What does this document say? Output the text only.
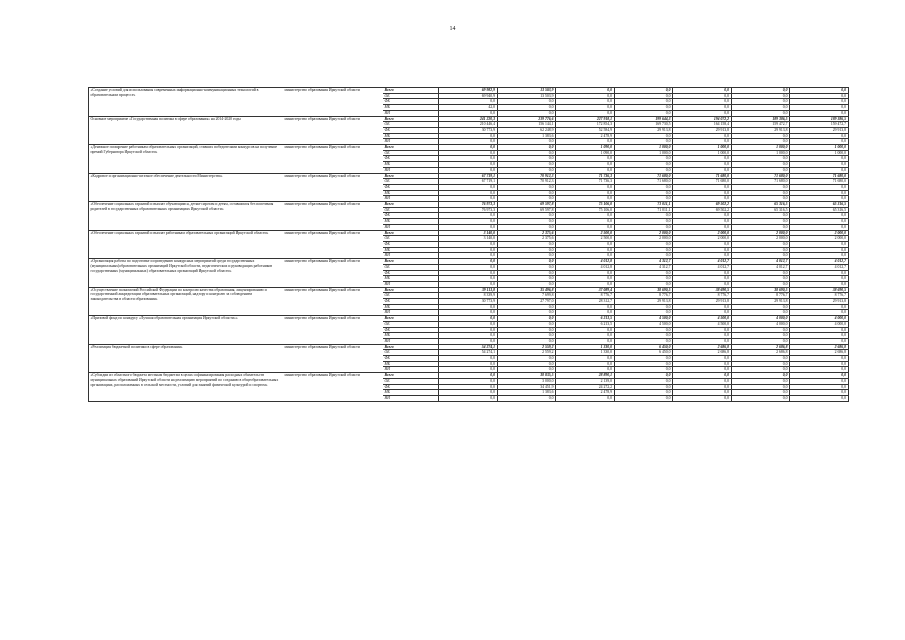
14
«Создание условий для использования современных информационно-коммуникационных технологий в образовательном процессе»	министерство образования Иркутской области	Всего	69 982,9	13 503,9	0,0	0,0	0,0	0,0	0,0
		ОБ	69 940,9	13 503,9	0,0	0,0	0,0	0,0	0,0
		ФБ	0,0	0,0	0,0	0,0	0,0	0,0	0,0
		МБ	42,0	0,0	0,0	0,0	0,0	0,0	0,0
		ИИ	0,0	0,0	0,0	0,0	0,0	0,0	0,0
Основное мероприятие «Государственная политика в сфере образования» на 2014-2020 годы	министерство образования Иркутской области	Всего	241 220,3	219 776,6	227 918,1	199 644,3	194 072,2	189 386,5	189 386,5
		ОБ	210 446,4	156 144,1	172 854,3	169 730,5	164 158,4	159 472,7	159 472,7
		ФБ	30 773,9	62 248,9	52 584,9	29 913,8	29 913,8	29 913,8	29 913,8
		МБ	0,0	1 383,6	2 478,9	0,0	0,0	0,0	0,0
		ИИ	0,0	0,0	0,0	0,0	0,0	0,0	0,0
«Денежное поощрение работникам образовательных организаций, ставших победителями конкурсов на получение премий Губернатора Иркутской области»	министерство образования Иркутской области	Всего	0,0	0,0	1 090,0	1 000,0	1 000,0	1 000,0	1 000,0
		ОБ	0,0	0,0	1 090,0	1 000,0	1 000,0	1 000,0	1 000,0
		ФБ	0,0	0,0	0,0	0,0	0,0	0,0	0,0
		МБ	0,0	0,0	0,0	0,0	0,0	0,0	0,0
		ИИ	0,0	0,0	0,0	0,0	0,0	0,0	0,0
«Кадровое и организационно-штатное обеспечение деятельности Министерства»	министерство образования Иркутской области	Всего	67 719,1	70 912,3	71 736,3	71 680,0	71 680,0	71 680,0	71 680,0
		ОБ	67 719,1	70 912,3	71 736,3	71 680,0	71 680,0	71 680,0	71 680,0
		ФБ	0,0	0,0	0,0	0,0	0,0	0,0	0,0
		МБ	0,0	0,0	0,0	0,0	0,0	0,0	0,0
		ИИ	0,0	0,0	0,0	0,0	0,0	0,0	0,0
«Обеспечение социальных гарантий и выплат обучающимся, детям-сиротам и детям, оставшимся без попечения родителей в государственных образовательных организациях Иркутской области»	министерство образования Иркутской области	Всего	76 973,3	69 597,8	75 106,0	71 011,1	69 502,2	65 316,5	65 316,5
		ОБ	76 973,3	69 597,8	75 106,0	71 011,1	69 502,2	65 316,5	65 316,5
		ФБ	0,0	0,0	0,0	0,0	0,0	0,0	0,0
		МБ	0,0	0,0	0,0	0,0	0,0	0,0	0,0
		ИИ	0,0	0,0	0,0	0,0	0,0	0,0	0,0
«Обеспечение социальных гарантий и выплат работникам образовательных организаций Иркутской области»	министерство образования Иркутской области	Всего	3 140,0	2 375,6	2 500,0	2 000,0	2 000,0	2 000,0	2 000,0
		ОБ	3 140,0	2 375,6	2 500,0	2 000,0	2 000,0	2 000,0	2 000,0
		ФБ	0,0	0,0	0,0	0,0	0,0	0,0	0,0
		МБ	0,0	0,0	0,0	0,0	0,0	0,0	0,0
		ИИ	0,0	0,0	0,0	0,0	0,0	0,0	0,0
«Организация работы по подготовке и проведению конкурсных мероприятий среди государственных (муниципальных)образовательных организаций Иркутской области, педагогических и руководящих работников государственных (муниципальных) образовательных организаций Иркутской области»	министерство образования Иркутской области	Всего	0,0	0,0	4 012,8	4 312,7	4 012,7	4 012,7	4 012,7
		ОБ	0,0	0,0	4 012,8	4 312,7	4 012,7	4 012,7	4 012,7
		ФБ	0,0	0,0	0,0	0,0	0,0	0,0	0,0
		МБ	0,0	0,0	0,0	0,0	0,0	0,0	0,0
		ИИ	0,0	0,0	0,0	0,0	0,0	0,0	0,0
«Осуществление полномочий Российской Федерации по контролю качества образования, лицензированию и государственной аккредитации образовательных организаций, надзору и контролю за соблюдением законодательства в области образования»	министерство образования Иркутской области	Всего	39 113,8	35 496,8	37 089,4	38 690,5	38 690,5	38 690,5	38 690,5
		ОБ	8 339,9	7 699,8	8 776,7	8 776,7	8 776,7	8 776,7	8 776,7
		ФБ	30 773,9	27 797,0	28 312,7	29 913,8	29 913,8	29 913,8	29 913,8
		МБ	0,0	0,0	0,0	0,0	0,0	0,0	0,0
		ИИ	0,0	0,0	0,0	0,0	0,0	0,0	0,0
«Призовой фонд по конкурсу «Лучшая образовательная организация Иркутской области»»	министерство образования Иркутской области	Всего	0,0	0,0	6 213,5	4 500,0	4 500,0	4 000,0	4 000,0
		ОБ	0,0	0,0	6 213,5	4 500,0	4 500,0	4 000,0	4 000,0
		ФБ	0,0	0,0	0,0	0,0	0,0	0,0	0,0
		МБ	0,0	0,0	0,0	0,0	0,0	0,0	0,0
		ИИ	0,0	0,0	0,0	0,0	0,0	0,0	0,0
«Реализация бюджетной политики в сфере образования»	министерство образования Иркутской области	Всего	54 274,1	2 559,2	1 330,0	6 450,0	2 686,8	2 686,8	2 686,8
		ОБ	54 274,1	2 559,2	1 330,0	6 450,0	2 686,8	2 686,8	2 686,8
		ФБ	0,0	0,0	0,0	0,0	0,0	0,0	0,0
		МБ	0,0	0,0	0,0	0,0	0,0	0,0	0,0
		ИИ	0,0	0,0	0,0	0,0	0,0	0,0	0,0
«Субсидии из областного бюджета местным бюджетам в целях софинансирования расходных обязательств муниципальных образований Иркутской области на реализацию мероприятий по созданию в общеобразовательных организациях, расположенных в сельской местности, условий для занятий физической культурой и спортом»	министерство образования Иркутской области	Всего	0,0	38 835,5	28 890,1	0,0	0,0	0,0	0,0
		ОБ	0,0	3 000,0	2 139,0	0,0	0,0	0,0	0,0
		ФБ	0,0	34 451,9	24 272,2	0,0	0,0	0,0	0,0
		МБ	0,0	1 383,6	2 478,9	0,0	0,0	0,0	0,0
		ИИ	0,0	0,0	0,0	0,0	0,0	0,0	0,0
